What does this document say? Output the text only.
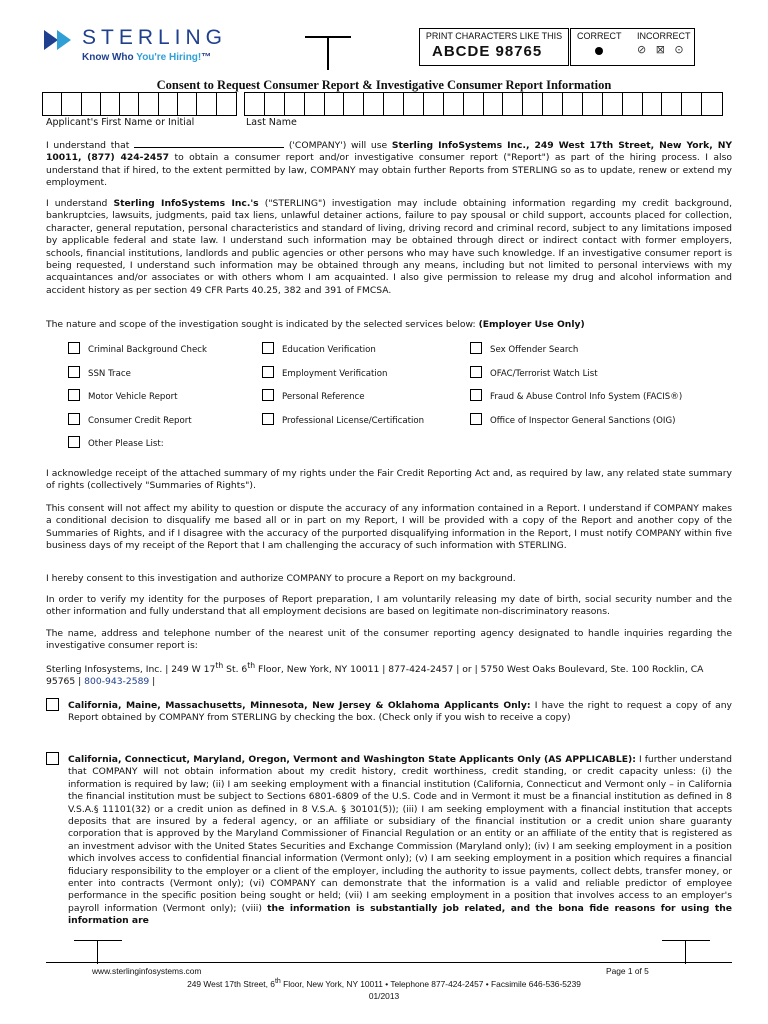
STERLING
Know Who You're Hiring!™
PRINT CHARACTERS LIKE THIS
ABCDE 98765
CORRECT INCORRECT
⊘ ⊠ ⊙
Consent to Request Consumer Report & Investigative Consumer Report Information
Applicant's First Name or Initial	Last Name

I understand that	('COMPANY') will use Sterling InfoSystems Inc., 249 West 17th Street, New York, NY 10011, (877) 424-2457 to obtain a consumer report and/or investigative consumer report ("Report") as part of the hiring process. I also understand that if hired, to the extent permitted by law, COMPANY may obtain further Reports from STERLING so as to update, renew or extend my employment.

I understand Sterling InfoSystems Inc.'s ("STERLING") investigation may include obtaining information regarding my credit background, bankruptcies, lawsuits, judgments, paid tax liens, unlawful detainer actions, failure to pay spousal or child support, accounts placed for collection, character, general reputation, personal characteristics and standard of living, driving record and criminal record, subject to any limitations imposed by applicable federal and state law. I understand such information may be obtained through direct or indirect contact with former employers, schools, financial institutions, landlords and public agencies or other persons who may have such knowledge. If an investigative consumer report is being requested, I understand such information may be obtained through any means, including but not limited to personal interviews with my acquaintances and/or associates or with others whom I am acquainted. I also give permission to release my drug and alcohol information and accident history as per section 49 CFR Parts 40.25, 382 and 391 of FMCSA.

The nature and scope of the investigation sought is indicated by the selected services below: (Employer Use Only)

Criminal Background Check	Education Verification	Sex Offender Search
SSN Trace	Employment Verification	OFAC/Terrorist Watch List
Motor Vehicle Report	Personal Reference	Fraud & Abuse Control Info System (FACIS®)
Consumer Credit Report	Professional License/Certification	Office of Inspector General Sanctions (OIG)
Other Please List:

I acknowledge receipt of the attached summary of my rights under the Fair Credit Reporting Act and, as required by law, any related state summary of rights (collectively "Summaries of Rights").

This consent will not affect my ability to question or dispute the accuracy of any information contained in a Report. I understand if COMPANY makes a conditional decision to disqualify me based all or in part on my Report, I will be provided with a copy of the Report and another copy of the Summaries of Rights, and if I disagree with the accuracy of the purported disqualifying information in the Report, I must notify COMPANY within five business days of my receipt of the Report that I am challenging the accuracy of such information with STERLING.

I hereby consent to this investigation and authorize COMPANY to procure a Report on my background.

In order to verify my identity for the purposes of Report preparation, I am voluntarily releasing my date of birth, social security number and the other information and fully understand that all employment decisions are based on legitimate non-discriminatory reasons.

The name, address and telephone number of the nearest unit of the consumer reporting agency designated to handle inquiries regarding the investigative consumer report is:

Sterling Infosystems, Inc. | 249 W 17th St. 6th Floor, New York, NY 10011 | 877-424-2457 | or | 5750 West Oaks Boulevard, Ste. 100 Rocklin, CA 95765 | 800-943-2589 |

California, Maine, Massachusetts, Minnesota, New Jersey & Oklahoma Applicants Only: I have the right to request a copy of any Report obtained by COMPANY from STERLING by checking the box. (Check only if you wish to receive a copy)

California, Connecticut, Maryland, Oregon, Vermont and Washington State Applicants Only (AS APPLICABLE): I further understand that COMPANY will not obtain information about my credit history, credit worthiness, credit standing, or credit capacity unless: (i) the information is required by law; (ii) I am seeking employment with a financial institution (California, Connecticut and Vermont only – in California the financial institution must be subject to Sections 6801-6809 of the U.S. Code and in Vermont it must be a financial institution as defined in 8 V.S.A.§ 11101(32) or a credit union as defined in 8 V.S.A. § 30101(5)); (iii) I am seeking employment with a financial institution that accepts deposits that are insured by a federal agency, or an affiliate or subsidiary of the financial institution or a credit union share guaranty corporation that is approved by the Maryland Commissioner of Financial Regulation or an entity or an affiliate of the entity that is registered as an investment advisor with the United States Securities and Exchange Commission (Maryland only); (iv) I am seeking employment in a position which involves access to confidential financial information (Vermont only); (v) I am seeking employment in a position which requires a financial fiduciary responsibility to the employer or a client of the employer, including the authority to issue payments, collect debts, transfer money, or enter into contracts (Vermont only); (vi) COMPANY can demonstrate that the information is a valid and reliable predictor of employee performance in the specific position being sought or held; (vii) I am seeking employment in a position that involves access to an employer's payroll information (Vermont only); (viii) the information is substantially job related, and the bona fide reasons for using the information are

www.sterlinginfosystems.com	Page 1 of 5
249 West 17th Street, 6th Floor, New York, NY 10011 • Telephone 877-424-2457 • Facsimile 646-536-5239
01/2013
